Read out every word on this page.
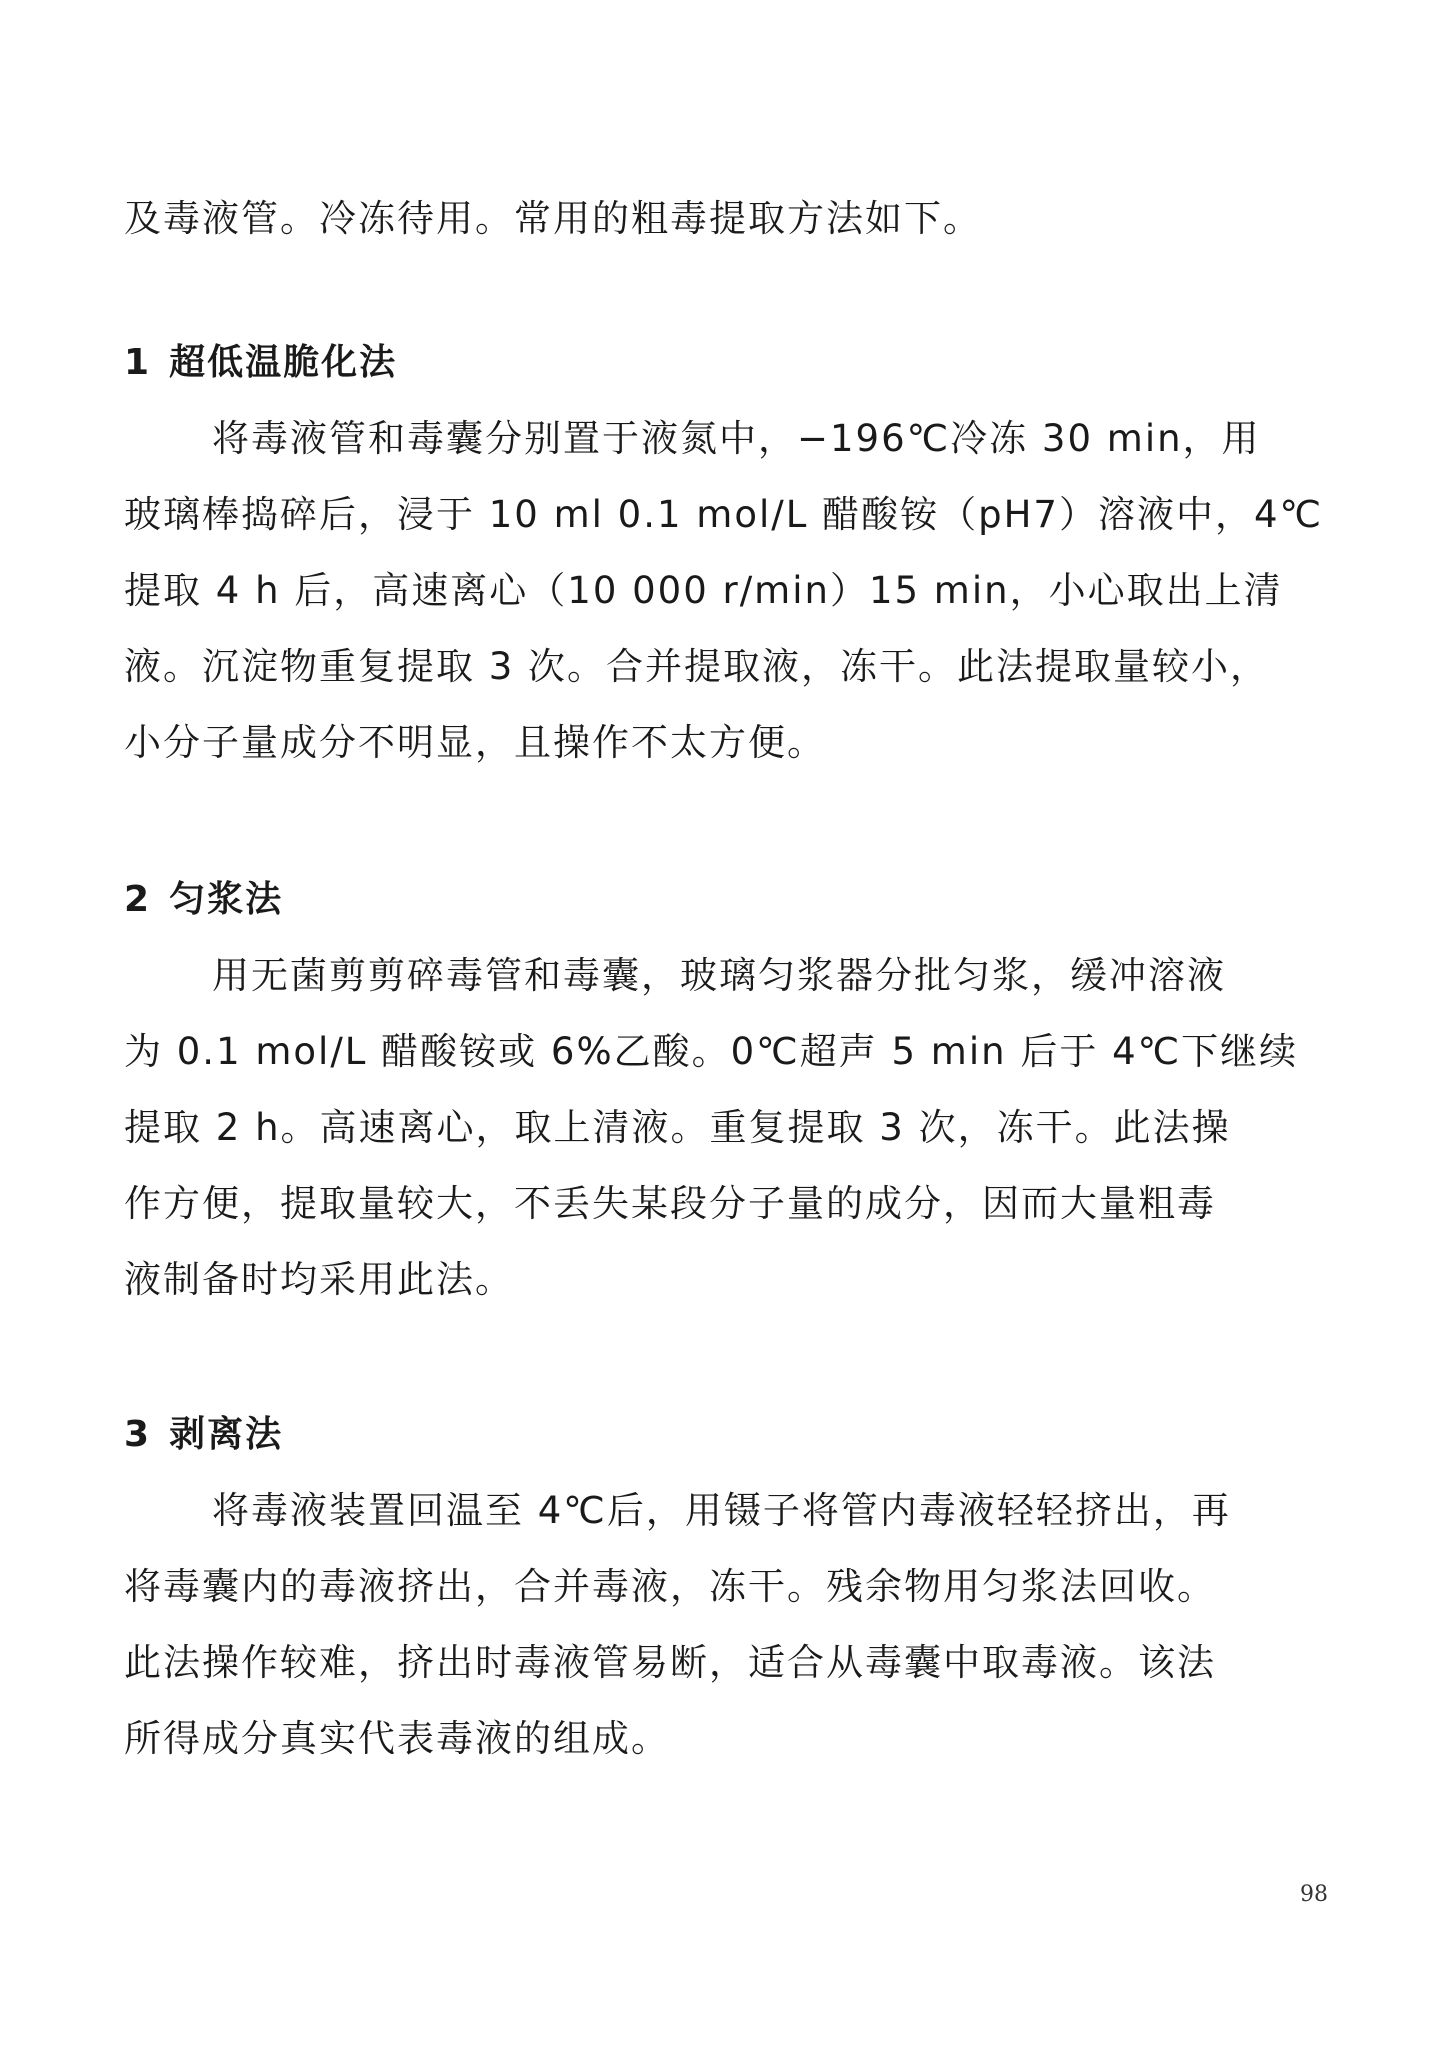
及毒液管。冷冻待用。常用的粗毒提取方法如下。

1 超低温脆化法

将毒液管和毒囊分别置于液氮中，−196℃冷冻 30 min，用
玻璃棒捣碎后，浸于 10 ml 0.1 mol/L 醋酸铵（pH7）溶液中，4℃
提取 4 h 后，高速离心（10 000 r/min）15 min，小心取出上清
液。沉淀物重复提取 3 次。合并提取液，冻干。此法提取量较小，
小分子量成分不明显，且操作不太方便。

2 匀浆法

用无菌剪剪碎毒管和毒囊，玻璃匀浆器分批匀浆，缓冲溶液
为 0.1 mol/L 醋酸铵或 6%乙酸。0℃超声 5 min 后于 4℃下继续
提取 2 h。高速离心，取上清液。重复提取 3 次，冻干。此法操
作方便，提取量较大，不丢失某段分子量的成分，因而大量粗毒
液制备时均采用此法。

3 剥离法

将毒液装置回温至 4℃后，用镊子将管内毒液轻轻挤出，再
将毒囊内的毒液挤出，合并毒液，冻干。残余物用匀浆法回收。
此法操作较难，挤出时毒液管易断，适合从毒囊中取毒液。该法
所得成分真实代表毒液的组成。

98
